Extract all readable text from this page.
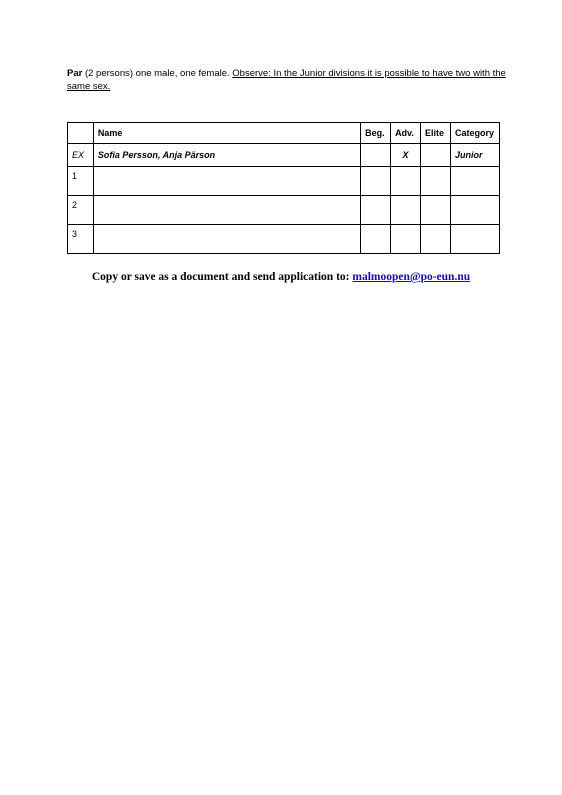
Par (2 persons) one male, one female. Observe: In the Junior divisions it is possible to have two with the same sex.
	Name	Beg.	Adv.	Elite	Category
EX	Sofia Persson, Anja Pärson		X		Junior
1					
2					
3					
Copy or save as a document and send application to: malmoopen@po-eun.nu
